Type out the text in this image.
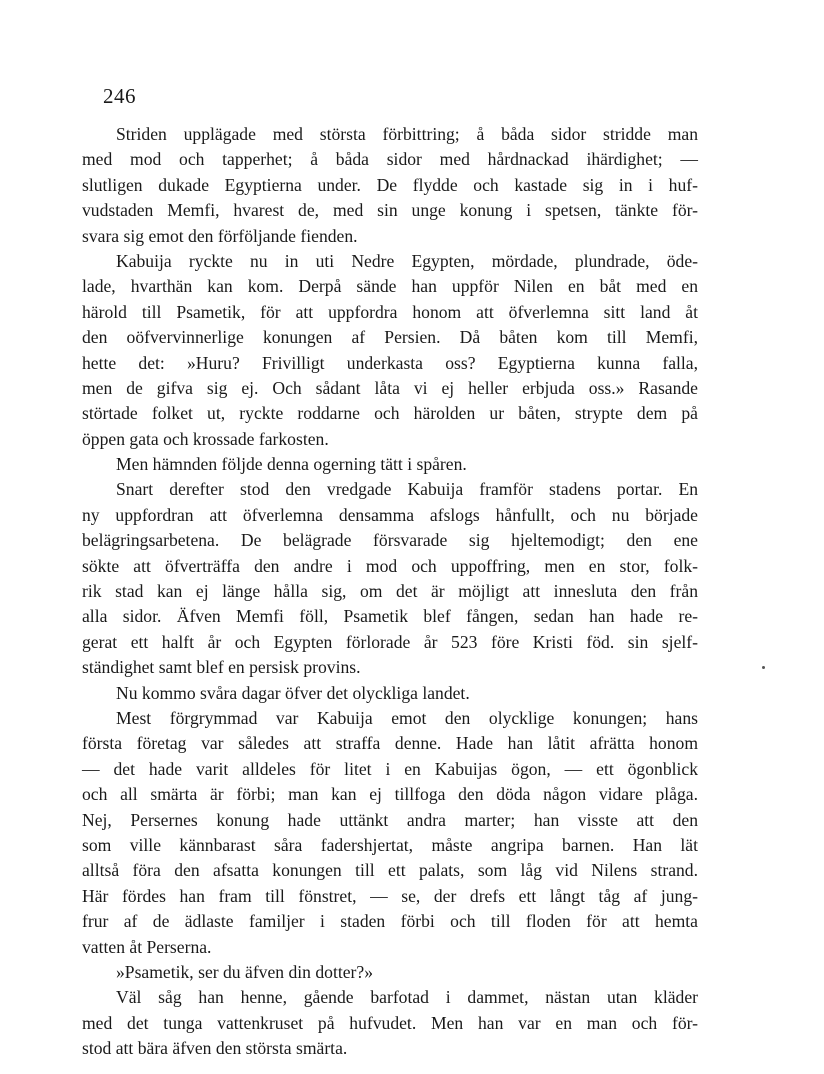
246
Striden upplägade med största förbittring; å båda sidor stridde man
med mod och tapperhet; å båda sidor med hårdnackad ihärdighet; —
slutligen dukade Egyptierna under. De flydde och kastade sig in i huf-
vudstaden Memfi, hvarest de, med sin unge konung i spetsen, tänkte för-
svara sig emot den förföljande fienden.
Kabuija ryckte nu in uti Nedre Egypten, mördade, plundrade, öde-
lade, hvarthän kan kom. Derpå sände han uppför Nilen en båt med en
härold till Psametik, för att uppfordra honom att öfverlemna sitt land åt
den oöfvervinnerlige konungen af Persien. Då båten kom till Memfi,
hette det: »Huru? Frivilligt underkasta oss? Egyptierna kunna falla,
men de gifva sig ej. Och sådant låta vi ej heller erbjuda oss.» Rasande
störtade folket ut, ryckte roddarne och härolden ur båten, strypte dem på
öppen gata och krossade farkosten.
Men hämnden följde denna ogerning tätt i spåren.
Snart derefter stod den vredgade Kabuija framför stadens portar. En
ny uppfordran att öfverlemna densamma afslogs hånfullt, och nu började
belägringsarbetena. De belägrade försvarade sig hjeltemodigt; den ene
sökte att öfverträffa den andre i mod och uppoffring, men en stor, folk-
rik stad kan ej länge hålla sig, om det är möjligt att innesluta den från
alla sidor. Äfven Memfi föll, Psametik blef fången, sedan han hade re-
gerat ett halft år och Egypten förlorade år 523 före Kristi föd. sin sjelf-
ständighet samt blef en persisk provins.
Nu kommo svåra dagar öfver det olyckliga landet.
Mest förgrymmad var Kabuija emot den olycklige konungen; hans
första företag var således att straffa denne. Hade han låtit afrätta honom
— det hade varit alldeles för litet i en Kabuijas ögon, — ett ögonblick
och all smärta är förbi; man kan ej tillfoga den döda någon vidare plåga.
Nej, Persernes konung hade uttänkt andra marter; han visste att den
som ville kännbarast såra fadershjertat, måste angripa barnen. Han lät
alltså föra den afsatta konungen till ett palats, som låg vid Nilens strand.
Här fördes han fram till fönstret, — se, der drefs ett långt tåg af jung-
frur af de ädlaste familjer i staden förbi och till floden för att hemta
vatten åt Perserna.
»Psametik, ser du äfven din dotter?»
Väl såg han henne, gående barfotad i dammet, nästan utan kläder
med det tunga vattenkruset på hufvudet. Men han var en man och för-
stod att bära äfven den största smärta.
